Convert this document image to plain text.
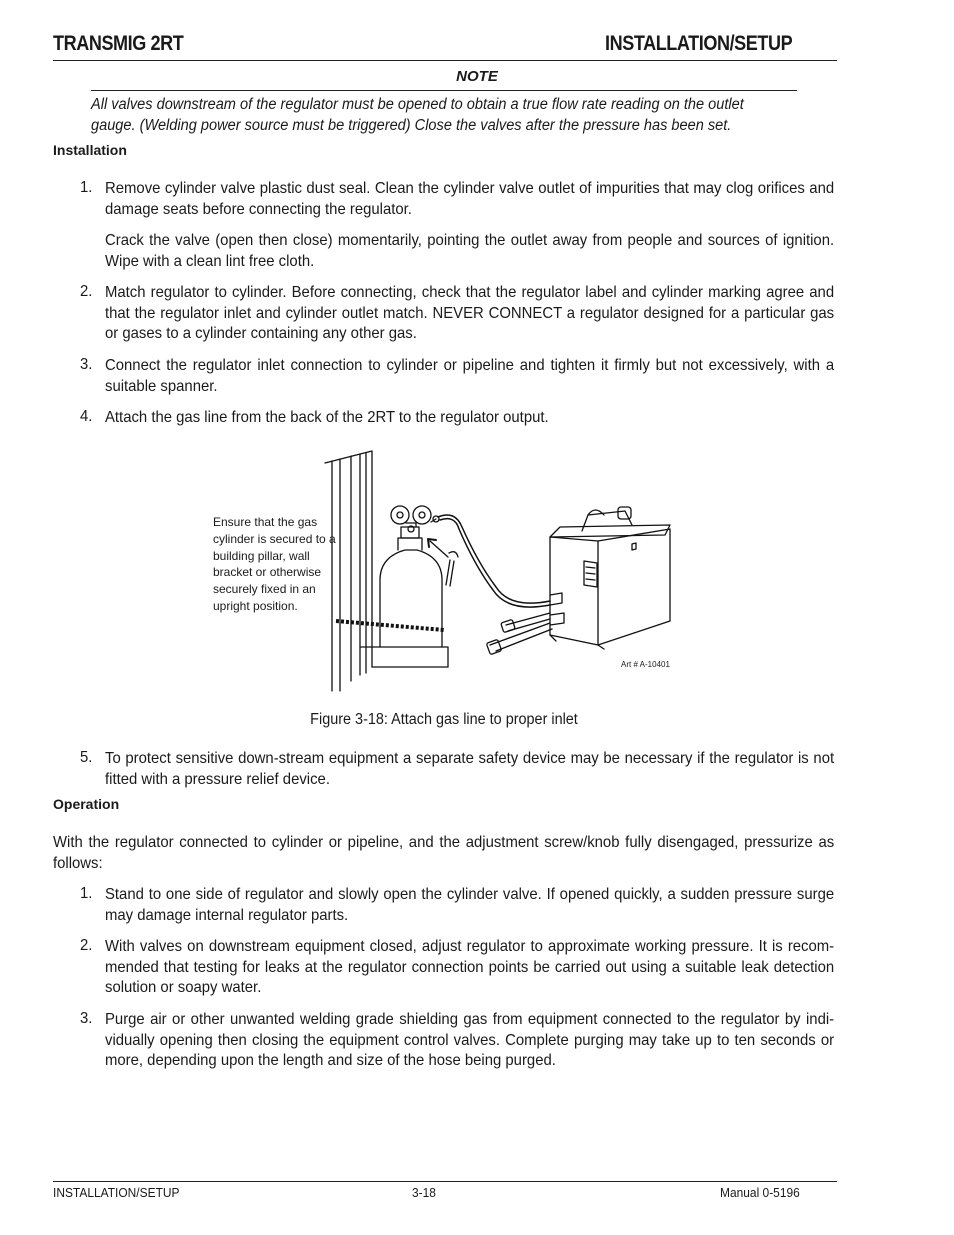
TRANSMIG 2RT	INSTALLATION/SETUP
NOTE
All valves downstream of the regulator must be opened to obtain a true flow rate reading on the outlet gauge. (Welding power source must be triggered) Close the valves after the pressure has been set.
Installation
1. Remove cylinder valve plastic dust seal. Clean the cylinder valve outlet of impurities that may clog orifices and damage seats before connecting the regulator.
Crack the valve (open then close) momentarily, pointing the outlet away from people and sources of ignition. Wipe with a clean lint free cloth.
2. Match regulator to cylinder. Before connecting, check that the regulator label and cylinder marking agree and that the regulator inlet and cylinder outlet match. NEVER CONNECT a regulator designed for a particular gas or gases to a cylinder containing any other gas.
3. Connect the regulator inlet connection to cylinder or pipeline and tighten it firmly but not excessively, with a suitable spanner.
4. Attach the gas line from the back of the 2RT to the regulator output.
Ensure that the gas cylinder is secured to a building pillar, wall bracket or otherwise securely fixed in an upright position.
Art # A-10401
Figure 3-18: Attach gas line to proper inlet
5. To protect sensitive down-stream equipment a separate safety device may be necessary if the regulator is not fitted with a pressure relief device.
Operation
With the regulator connected to cylinder or pipeline, and the adjustment screw/knob fully disengaged, pressurize as follows:
1. Stand to one side of regulator and slowly open the cylinder valve. If opened quickly, a sudden pressure surge may damage internal regulator parts.
2. With valves on downstream equipment closed, adjust regulator to approximate working pressure. It is recom-mended that testing for leaks at the regulator connection points be carried out using a suitable leak detection solution or soapy water.
3. Purge air or other unwanted welding grade shielding gas from equipment connected to the regulator by indi-vidually opening then closing the equipment control valves. Complete purging may take up to ten seconds or more, depending upon the length and size of the hose being purged.
INSTALLATION/SETUP	3-18	Manual 0-5196
